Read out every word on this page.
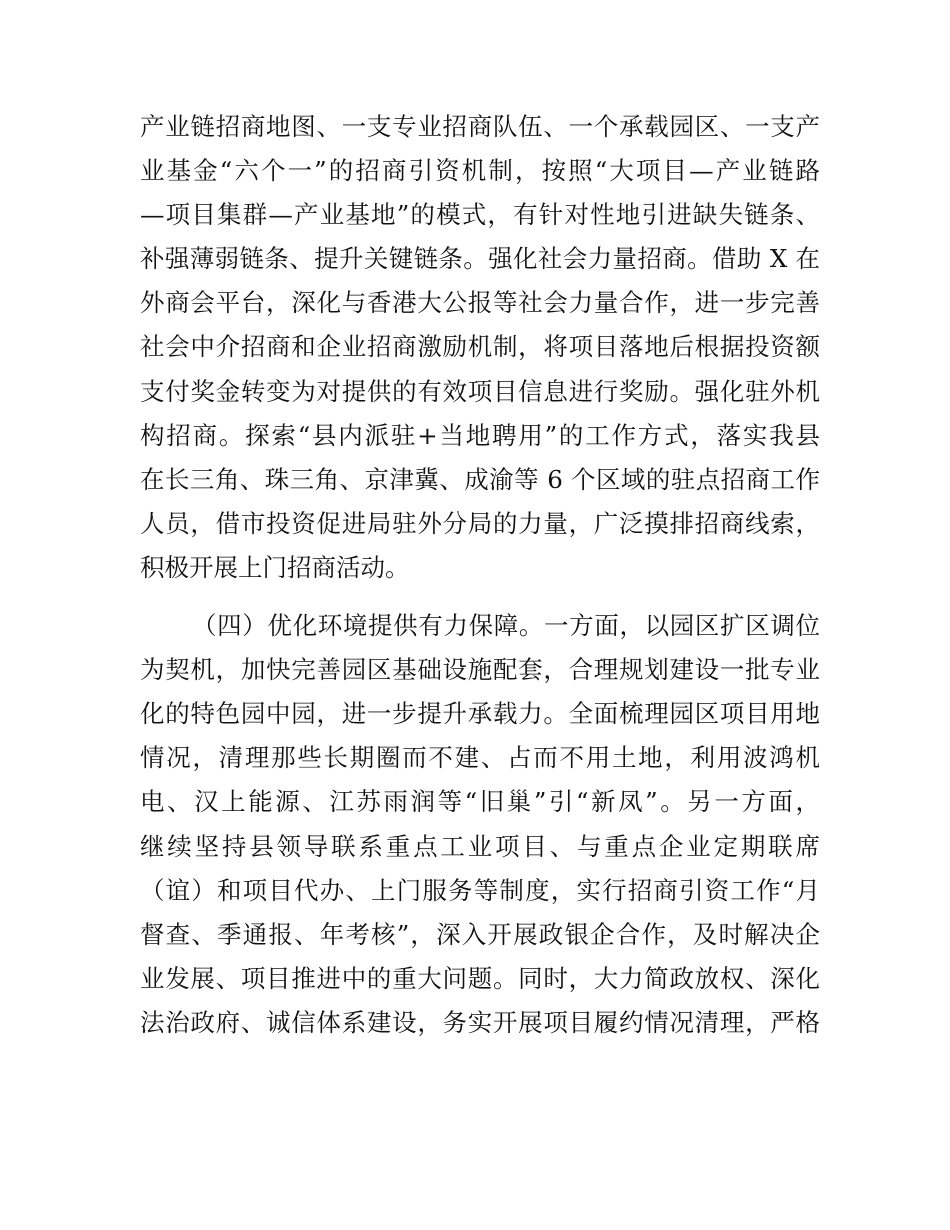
产业链招商地图、一支专业招商队伍、一个承载园区、一支产
业基金“六个一”的招商引资机制，按照“大项目—产业链路
—项目集群—产业基地”的模式，有针对性地引进缺失链条、
补强薄弱链条、提升关键链条。强化社会力量招商。借助 X 在
外商会平台，深化与香港大公报等社会力量合作，进一步完善
社会中介招商和企业招商激励机制，将项目落地后根据投资额
支付奖金转变为对提供的有效项目信息进行奖励。强化驻外机
构招商。探索“县内派驻+当地聘用”的工作方式，落实我县
在长三角、珠三角、京津冀、成渝等 6 个区域的驻点招商工作
人员，借市投资促进局驻外分局的力量，广泛摸排招商线索，
积极开展上门招商活动。
（四）优化环境提供有力保障。一方面，以园区扩区调位
为契机，加快完善园区基础设施配套，合理规划建设一批专业
化的特色园中园，进一步提升承载力。全面梳理园区项目用地
情况，清理那些长期圈而不建、占而不用土地，利用波鸿机
电、汉上能源、江苏雨润等“旧巢”引“新凤”。另一方面，
继续坚持县领导联系重点工业项目、与重点企业定期联席
（谊）和项目代办、上门服务等制度，实行招商引资工作“月
督查、季通报、年考核”，深入开展政银企合作，及时解决企
业发展、项目推进中的重大问题。同时，大力简政放权、深化
法治政府、诚信体系建设，务实开展项目履约情况清理，严格
